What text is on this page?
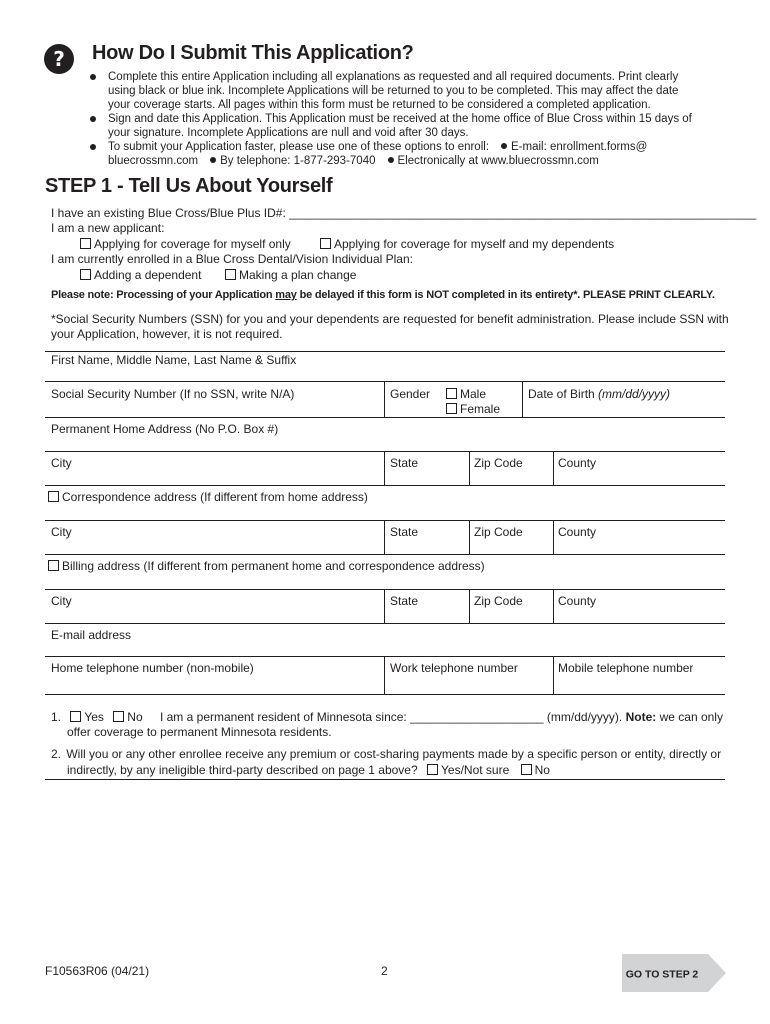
?	How Do I Submit This Application?
Complete this entire Application including all explanations as requested and all required documents. Print clearly
using black or blue ink. Incomplete Applications will be returned to you to be completed. This may affect the date
your coverage starts. All pages within this form must be returned to be considered a completed application.
Sign and date this Application. This Application must be received at the home office of Blue Cross within 15 days of
your signature. Incomplete Applications are null and void after 30 days.
To submit your Application faster, please use one of these options to enroll: E-mail: enrollment.forms@
bluecrossmn.com By telephone: 1-877-293-7040 Electronically at www.bluecrossmn.com
STEP 1 - Tell Us About Yourself
I have an existing Blue Cross/Blue Plus ID#: ______________________________________________________________________
I am a new applicant:
Applying for coverage for myself only	Applying for coverage for myself and my dependents
I am currently enrolled in a Blue Cross Dental/Vision Individual Plan:
Adding a dependent	Making a plan change
Please note: Processing of your Application may be delayed if this form is NOT completed in its entirety*. PLEASE PRINT CLEARLY.
*Social Security Numbers (SSN) for you and your dependents are requested for benefit administration. Please include SSN with
your Application, however, it is not required.
First Name, Middle Name, Last Name & Suffix
Social Security Number (If no SSN, write N/A)	Gender	Male
Female
Date of Birth (mm/dd/yyyy)
Permanent Home Address (No P.O. Box #)
City	State	Zip Code	County
Correspondence address (If different from home address)
City	State	Zip Code	County
Billing address (If different from permanent home and correspondence address)
City	State	Zip Code	County
E-mail address
Home telephone number (non-mobile)	Work telephone number	Mobile telephone number
1. Yes No I am a permanent resident of Minnesota since: ____________________ (mm/dd/yyyy). Note: we can only
offer coverage to permanent Minnesota residents.
2. Will you or any other enrollee receive any premium or cost-sharing payments made by a specific person or entity, directly or
indirectly, by any ineligible third-party described on page 1 above? Yes/Not sure No
F10563R06 (04/21)	2	GO TO STEP 2
